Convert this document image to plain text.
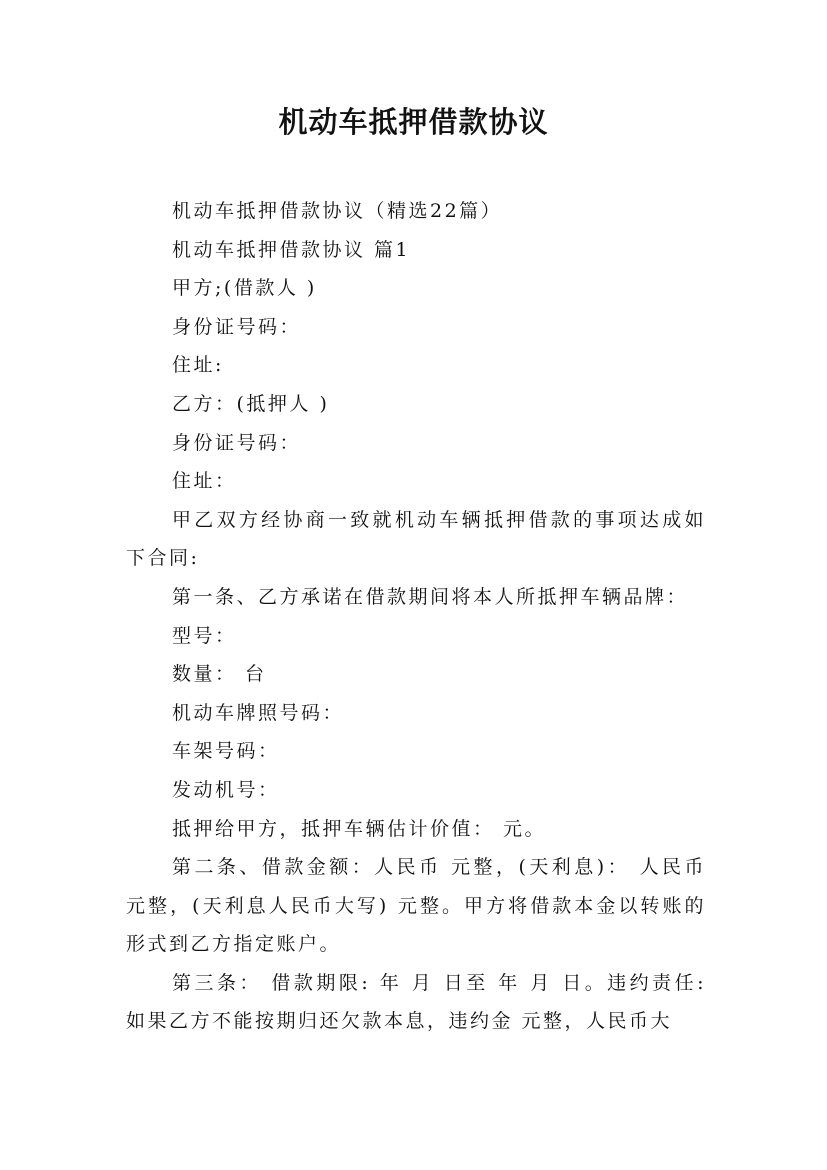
机动车抵押借款协议

机动车抵押借款协议（精选22篇）

机动车抵押借款协议 篇1

甲方;(借款人 )

身份证号码：

住址:

乙方：(抵押人 )

身份证号码：

住址：

甲乙双方经协商一致就机动车辆抵押借款的事项达成如下合同:

第一条、乙方承诺在借款期间将本人所抵押车辆品牌：

型号：

数量： 台

机动车牌照号码：

车架号码：

发动机号：

抵押给甲方，抵押车辆估计价值： 元。

第二条、借款金额：人民币 元整，(天利息)： 人民币 元整，(天利息人民币大写) 元整。甲方将借款本金以转账的形式到乙方指定账户。

第三条： 借款期限: 年 月 日至 年 月 日。违约责任: 如果乙方不能按期归还欠款本息，违约金 元整，人民币大
